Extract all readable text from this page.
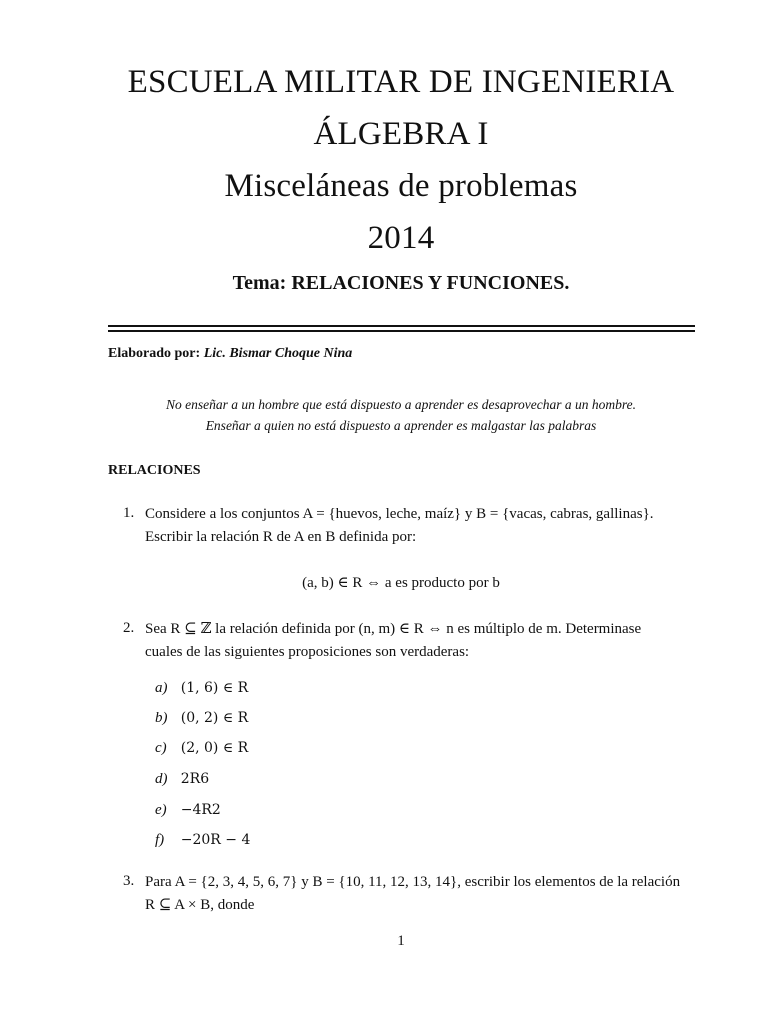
ESCUELA MILITAR DE INGENIERIA

ÁLGEBRA I

Misceláneas de problemas

2014

Tema: RELACIONES Y FUNCIONES.
Elaborado por: Lic. Bismar Choque Nina
No enseñar a un hombre que está dispuesto a aprender es desaprovechar a un hombre.
Enseñar a quien no está dispuesto a aprender es malgastar las palabras
RELACIONES
1. Considere a los conjuntos A = {huevos, leche, maíz} y B = {vacas, cabras, gallinas}.
Escribir la relación R de A en B definida por:
(a, b) ∈ R ⇔ a es producto por b
2. Sea R ⊆ ℤ la relación definida por (n, m) ∈ R ⇔ n es múltiplo de m. Determinase
cuales de las siguientes proposiciones son verdaderas:
a) (1, 6) ∈ R
b) (0, 2) ∈ R
c) (2, 0) ∈ R
d) 2R6
e) −4R2
f) −20R − 4
3. Para A = {2, 3, 4, 5, 6, 7} y B = {10, 11, 12, 13, 14}, escribir los elementos de la relación
R ⊆ A × B, donde
1
